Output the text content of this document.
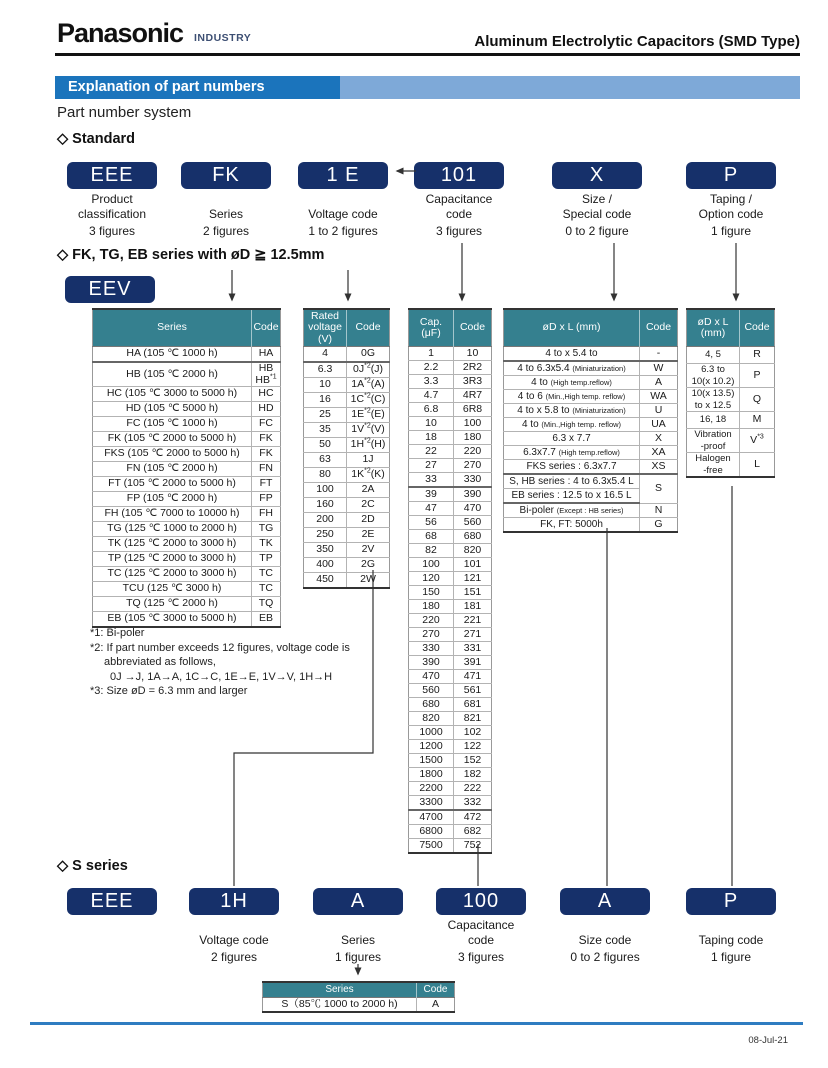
Panasonic INDUSTRY	Aluminum Electrolytic Capacitors (SMD Type)
Explanation of part numbers
Part number system
◇ Standard
◇ FK, TG, EB series with øD ≧ 12.5mm
◇ S series
EEE
Product
classification
3 figures
FK
Series
2 figures
1 E
Voltage code
1 to 2 figures
101
Capacitance
code
3 figures
X
Size /
Special code
0 to 2 figure
P
Taping /
Option code
1 figure
EEV
Series	Code
HA (105 ℃ 1000 h)	HA
HB (105 ℃ 2000 h)	HB
HB$^{*1}$
HC (105 ℃ 3000 to 5000 h)	HC
HD (105 ℃ 5000 h)	HD
FC (105 ℃ 1000 h)	FC
FK (105 ℃ 2000 to 5000 h)	FK
FKS (105 ℃ 2000 to 5000 h)	FK
FN (105 ℃ 2000 h)	FN
FT (105 ℃ 2000 to 5000 h)	FT
FP (105 ℃ 2000 h)	FP
FH (105 ℃ 7000 to 10000 h)	FH
TG (125 ℃ 1000 to 2000 h)	TG
TK (125 ℃ 2000 to 3000 h)	TK
TP (125 ℃ 2000 to 3000 h)	TP
TC (125 ℃ 2000 to 3000 h)	TC
TCU (125 ℃ 3000 h)	TC
TQ (125 ℃ 2000 h)	TQ
EB (105 ℃ 3000 to 5000 h)	EB
Rated
voltage
(V)	Code
4	0G
6.3	$0J^{*2}(J)$
10	$1A^{*2}(A)$
16	$1C^{*2}(C)$
25	$1E^{*2}(E)$
35	$1V^{*2}(V)$
50	$1H^{*2}(H)$
63	1J
80	$1K^{*2}(K)$
100	2A
160	2C
200	2D
250	2E
350	2V
400	2G
450	2W
Cap.
(μF)	Code
1	10
2.2	2R2
3.3	3R3
4.7	4R7
6.8	6R8
10	100
18	180
22	220
27	270
33	330
39	390
47	470
56	560
68	680
82	820
100	101
120	121
150	151
180	181
220	221
270	271
330	331
390	391
470	471
560	561
680	681
820	821
1000	102
1200	122
1500	152
1800	182
2200	222
3300	332
4700	472
6800	682
7500	752
øD x L (mm)	Code
4 to x 5.4 to	-
4 to 6.3x5.4 (Miniaturization)	W
4 to (High temp.reflow)	A
4 to 6 (Min.,High temp. reflow)	WA
4 to x 5.8 to (Miniaturization)	U
4 to (Min.,High temp. reflow)	UA
6.3 x 7.7	X
6.3x7.7 (High temp.reflow)	XA
FKS series : 6.3x7.7	XS
S, HB series : 4 to 6.3x5.4 L	S
EB series : 12.5 to x 16.5 L	
Bi-poler (Except : HB series)	N
FK, FT: 5000h	G
øD x L
(mm)	Code
4, 5	R
6.3 to
10(x 10.2)	P
10(x 13.5)
to x 12.5	Q
16, 18	M
Vibration
-proof	$V^{*3}$
Halogen
-free	L
*1: Bi-poler
*2: If part number exceeds 12 figures, voltage code is
abbreviated as follows,
0J →J, 1A→A, 1C→C, 1E→E, 1V→V, 1H→H
*3: Size øD = 6.3 mm and larger
EEE	1H
Voltage code
2 figures
A
Series
1 figures
100
Capacitance
code
3 figures
A
Size code
0 to 2 figures
P
Taping code
1 figure
Series	Code
S（85℃ 1000 to 2000 h)	A
08-Jul-21
